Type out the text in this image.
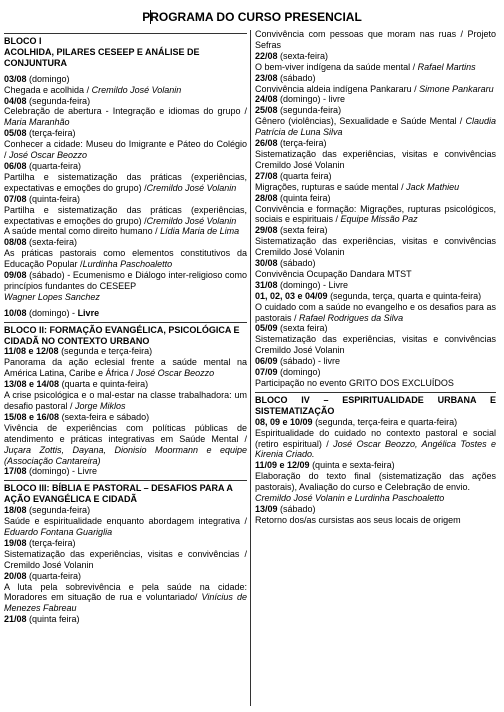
PROGRAMA DO CURSO PRESENCIAL
BLOCO I
ACOLHIDA, PILARES CESEEP E ANÁLISE DE CONJUNTURA
03/08 (domingo)
Chegada e acolhida / Cremildo José Volanin
04/08 (segunda-feira)
Celebração de abertura - Integração e idiomas do grupo / Maria Maranhão
05/08 (terça-feira)
Conhecer a cidade: Museu do Imigrante e Páteo do Colégio / José Oscar Beozzo
06/08 (quarta-feira)
Partilha e sistematização das práticas (experiências, expectativas e emoções do grupo) /Cremildo José Volanin
07/08 (quinta-feira)
Partilha e sistematização das práticas (experiências, expectativas e emoções do grupo) /Cremildo José Volanin
A saúde mental como direito humano / Lídia Maria de Lima
08/08 (sexta-feira)
As práticas pastorais como elementos constitutivos da Educação Popular /Lurdinha Paschoaletto
09/08 (sábado) - Ecumenismo e Diálogo inter-religioso como princípios fundantes do CESEEP
Wagner Lopes Sanchez
10/08 (domingo) - Livre
BLOCO II: FORMAÇÃO EVANGÉLICA, PSICOLÓGICA E CIDADÃ NO CONTEXTO URBANO
11/08 e 12/08 (segunda e terça-feira)
Panorama da ação eclesial frente a saúde mental na América Latina, Caribe e África / José Oscar Beozzo
13/08 e 14/08 (quarta e quinta-feira)
A crise psicológica e o mal-estar na classe trabalhadora: um desafio pastoral / Jorge Miklos
15/08 e 16/08 (sexta-feira e sábado)
Vivência de experiências com políticas públicas de atendimento e práticas integrativas em Saúde Mental / Juçara Zottis, Dayana, Dionisio Moormann e equipe (Associação Cantareira)
17/08 (domingo) - Livre
BLOCO III: BÍBLIA E PASTORAL – DESAFIOS PARA A AÇÃO EVANGÉLICA E CIDADÃ
18/08 (segunda-feira)
Saúde e espiritualidade enquanto abordagem integrativa / Eduardo Fontana Guariglia
19/08 (terça-feira)
Sistematização das experiências, visitas e convivências / Cremildo José Volanin
20/08 (quarta-feira)
A luta pela sobrevivência e pela saúde na cidade: Moradores em situação de rua e voluntariado/ Vinícius de Menezes Fabreau
21/08 (quinta feira)
Convivência com pessoas que moram nas ruas / Projeto Sefras
22/08 (sexta-feira)
O bem-viver indígena da saúde mental / Rafael Martins
23/08 (sábado)
Convivência aldeia indígena Pankararu / Simone Pankararu
24/08 (domingo) - livre
25/08 (segunda-feira)
Gênero (violências), Sexualidade e Saúde Mental / Claudia Patrícia de Luna Silva
26/08 (terça-feira)
Sistematização das experiências, visitas e convivências Cremildo José Volanin
27/08 (quarta feira)
Migrações, rupturas e saúde mental / Jack Mathieu
28/08 (quinta feira)
Convivência e formação: Migrações, rupturas psicológicos, sociais e espirituais / Equipe Missão Paz
29/08 (sexta feira)
Sistematização das experiências, visitas e convivências Cremildo José Volanin
30/08 (sábado)
Convivência Ocupação Dandara MTST
31/08 (domingo) - Livre
01, 02, 03 e 04/09 (segunda, terça, quarta e quinta-feira)
O cuidado com a saúde no evangelho e os desafios para as pastorais / Rafael Rodrigues da Silva
05/09 (sexta feira)
Sistematização das experiências, visitas e convivências Cremildo José Volanin
06/09 (sábado) - livre
07/09 (domingo)
Participação no evento GRITO DOS EXCLUÍDOS
BLOCO IV – ESPIRITUALIDADE URBANA E SISTEMATIZAÇÃO
08, 09 e 10/09 (segunda, terça-feira e quarta-feira)
Espiritualidade do cuidado no contexto pastoral e social (retiro espiritual) / José Oscar Beozzo, Angélica Tostes e Kirenia Criado.
11/09 e 12/09 (quinta e sexta-feira)
Elaboração do texto final (sistematização das ações pastorais), Avaliação do curso e Celebração de envio.
Cremildo José Volanin e Lurdinha Paschoaletto
13/09 (sábado)
Retorno dos/as cursistas aos seus locais de origem
